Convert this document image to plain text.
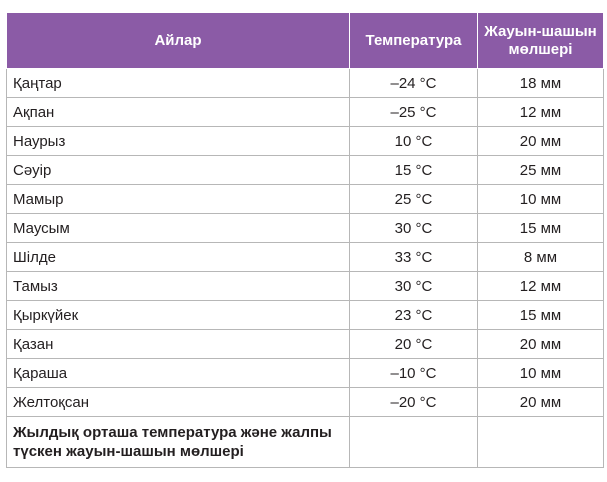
Айлар	Температура	Жауын-шашын мөлшері
Қаңтар	–24 °C	18 мм
Ақпан	–25 °C	12 мм
Наурыз	10 °C	20 мм
Сәуір	15 °C	25 мм
Мамыр	25 °C	10 мм
Маусым	30 °C	15 мм
Шілде	33 °C	8 мм
Тамыз	30 °C	12 мм
Қыркүйек	23 °C	15 мм
Қазан	20 °C	20 мм
Қараша	–10 °C	10 мм
Желтоқсан	–20 °C	20 мм
Жылдық орташа температура және жалпы түскен жауын-шашын мөлшері		
